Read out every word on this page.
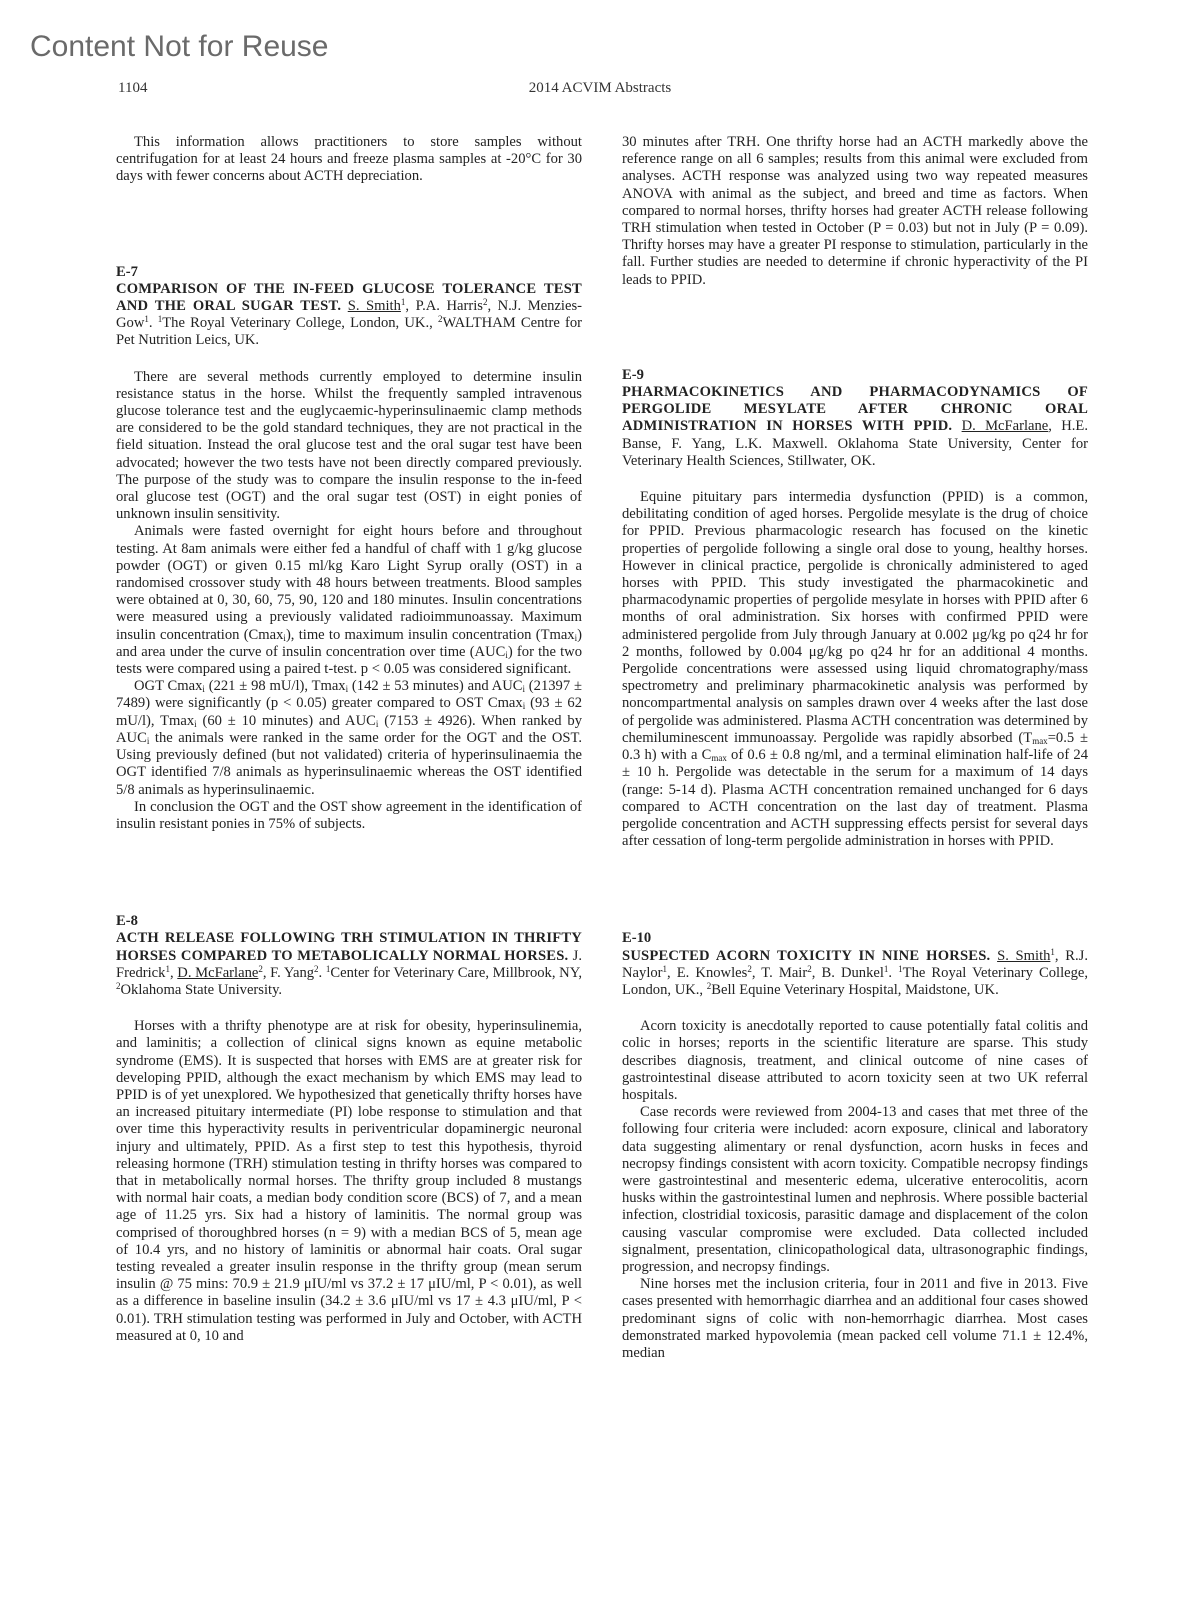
Content Not for Reuse
1104	2014 ACVIM Abstracts

This information allows practitioners to store samples without centrifugation for at least 24 hours and freeze plasma samples at -20°C for 30 days with fewer concerns about ACTH depreciation.

E-7

COMPARISON OF THE IN-FEED GLUCOSE TOLERANCE TEST AND THE ORAL SUGAR TEST. S. Smith$^1$, P.A. Harris$^2$, N.J. Menzies-Gow$^1$. $^1$The Royal Veterinary College, London, UK., $^2$WALTHAM Centre for Pet Nutrition Leics, UK.

There are several methods currently employed to determine insulin resistance status in the horse. Whilst the frequently sampled intravenous glucose tolerance test and the euglycaemic-hyperinsulinaemic clamp methods are considered to be the gold standard techniques, they are not practical in the field situation. Instead the oral glucose test and the oral sugar test have been advocated; however the two tests have not been directly compared previously. The purpose of the study was to compare the insulin response to the in-feed oral glucose test (OGT) and the oral sugar test (OST) in eight ponies of unknown insulin sensitivity.

Animals were fasted overnight for eight hours before and throughout testing. At 8am animals were either fed a handful of chaff with 1 g/kg glucose powder (OGT) or given 0.15 ml/kg Karo Light Syrup orally (OST) in a randomised crossover study with 48 hours between treatments. Blood samples were obtained at 0, 30, 60, 75, 90, 120 and 180 minutes. Insulin concentrations were measured using a previously validated radioimmunoassay. Maximum insulin concentration (Cmax$_i$), time to maximum insulin concentration (Tmax$_i$) and area under the curve of insulin concentration over time $(AUC_i)$ for the two tests were compared using a paired t-test. p < 0.05 was considered significant.

OGT Cmax$_i$ (221 ± 98 mU/l), Tmax$_i$ (142 ± 53 minutes) and $AUC_i$ (21397 ± 7489) were significantly (p < 0.05) greater compared to OST Cmax$_i$ (93 ± 62 mU/l), Tmax$_i$ (60 ± 10 minutes) and $AUC_i$ (7153 ± 4926). When ranked by $AUC_i$ the animals were ranked in the same order for the OGT and the OST. Using previously defined (but not validated) criteria of hyperinsulinaemia the OGT identified 7/8 animals as hyperinsulinaemic whereas the OST identified 5/8 animals as hyperinsulinaemic.

In conclusion the OGT and the OST show agreement in the identification of insulin resistant ponies in 75% of subjects.

E-8

ACTH RELEASE FOLLOWING TRH STIMULATION IN THRIFTY HORSES COMPARED TO METABOLICALLY NORMAL HORSES. J. Fredrick$^1$, D. McFarlane$^2$, F. Yang$^2$. $^1$Center for Veterinary Care, Millbrook, NY, $^2$Oklahoma State University.

Horses with a thrifty phenotype are at risk for obesity, hyperinsulinemia, and laminitis; a collection of clinical signs known as equine metabolic syndrome (EMS). It is suspected that horses with EMS are at greater risk for developing PPID, although the exact mechanism by which EMS may lead to PPID is of yet unexplored. We hypothesized that genetically thrifty horses have an increased pituitary intermediate (PI) lobe response to stimulation and that over time this hyperactivity results in periventricular dopaminergic neuronal injury and ultimately, PPID. As a first step to test this hypothesis, thyroid releasing hormone (TRH) stimulation testing in thrifty horses was compared to that in metabolically normal horses. The thrifty group included 8 mustangs with normal hair coats, a median body condition score (BCS) of 7, and a mean age of 11.25 yrs. Six had a history of laminitis. The normal group was comprised of thoroughbred horses (n = 9) with a median BCS of 5, mean age of 10.4 yrs, and no history of laminitis or abnormal hair coats. Oral sugar testing revealed a greater insulin response in the thrifty group (mean serum insulin @ 75 mins: 70.9 ± 21.9 μIU/ml vs 37.2 ± 17 μIU/ml, P < 0.01), as well as a difference in baseline insulin (34.2 ± 3.6 μIU/ml vs 17 ± 4.3 μIU/ml, P < 0.01). TRH stimulation testing was performed in July and October, with ACTH measured at 0, 10 and

30 minutes after TRH. One thrifty horse had an ACTH markedly above the reference range on all 6 samples; results from this animal were excluded from analyses. ACTH response was analyzed using two way repeated measures ANOVA with animal as the subject, and breed and time as factors. When compared to normal horses, thrifty horses had greater ACTH release following TRH stimulation when tested in October (P = 0.03) but not in July (P = 0.09). Thrifty horses may have a greater PI response to stimulation, particularly in the fall. Further studies are needed to determine if chronic hyperactivity of the PI leads to PPID.

E-9

PHARMACOKINETICS AND PHARMACODYNAMICS OF PERGOLIDE MESYLATE AFTER CHRONIC ORAL ADMINISTRATION IN HORSES WITH PPID. D. McFarlane, H.E. Banse, F. Yang, L.K. Maxwell. Oklahoma State University, Center for Veterinary Health Sciences, Stillwater, OK.

Equine pituitary pars intermedia dysfunction (PPID) is a common, debilitating condition of aged horses. Pergolide mesylate is the drug of choice for PPID. Previous pharmacologic research has focused on the kinetic properties of pergolide following a single oral dose to young, healthy horses. However in clinical practice, pergolide is chronically administered to aged horses with PPID. This study investigated the pharmacokinetic and pharmacodynamic properties of pergolide mesylate in horses with PPID after 6 months of oral administration. Six horses with confirmed PPID were administered pergolide from July through January at 0.002 μg/kg po q24 hr for 2 months, followed by 0.004 μg/kg po q24 hr for an additional 4 months. Pergolide concentrations were assessed using liquid chromatography/mass spectrometry and preliminary pharmacokinetic analysis was performed by noncompartmental analysis on samples drawn over 4 weeks after the last dose of pergolide was administered. Plasma ACTH concentration was determined by chemiluminescent immunoassay. Pergolide was rapidly absorbed ($T_{max}=0.5 \pm 0.3$ h) with a $C_{max}$ of 0.6 ± 0.8 ng/ml, and a terminal elimination half-life of 24 ± 10 h. Pergolide was detectable in the serum for a maximum of 14 days (range: 5-14 d). Plasma ACTH concentration remained unchanged for 6 days compared to ACTH concentration on the last day of treatment. Plasma pergolide concentration and ACTH suppressing effects persist for several days after cessation of long-term pergolide administration in horses with PPID.

E-10

SUSPECTED ACORN TOXICITY IN NINE HORSES. S. Smith$^1$, R.J. Naylor$^1$, E. Knowles$^2$, T. Mair$^2$, B. Dunkel$^1$. $^1$The Royal Veterinary College, London, UK., $^2$Bell Equine Veterinary Hospital, Maidstone, UK.

Acorn toxicity is anecdotally reported to cause potentially fatal colitis and colic in horses; reports in the scientific literature are sparse. This study describes diagnosis, treatment, and clinical outcome of nine cases of gastrointestinal disease attributed to acorn toxicity seen at two UK referral hospitals.

Case records were reviewed from 2004-13 and cases that met three of the following four criteria were included: acorn exposure, clinical and laboratory data suggesting alimentary or renal dysfunction, acorn husks in feces and necropsy findings consistent with acorn toxicity. Compatible necropsy findings were gastrointestinal and mesenteric edema, ulcerative enterocolitis, acorn husks within the gastrointestinal lumen and nephrosis. Where possible bacterial infection, clostridial toxicosis, parasitic damage and displacement of the colon causing vascular compromise were excluded. Data collected included signalment, presentation, clinicopathological data, ultrasonographic findings, progression, and necropsy findings.

Nine horses met the inclusion criteria, four in 2011 and five in 2013. Five cases presented with hemorrhagic diarrhea and an additional four cases showed predominant signs of colic with non-hemorrhagic diarrhea. Most cases demonstrated marked hypovolemia (mean packed cell volume 71.1 ± 12.4%, median
